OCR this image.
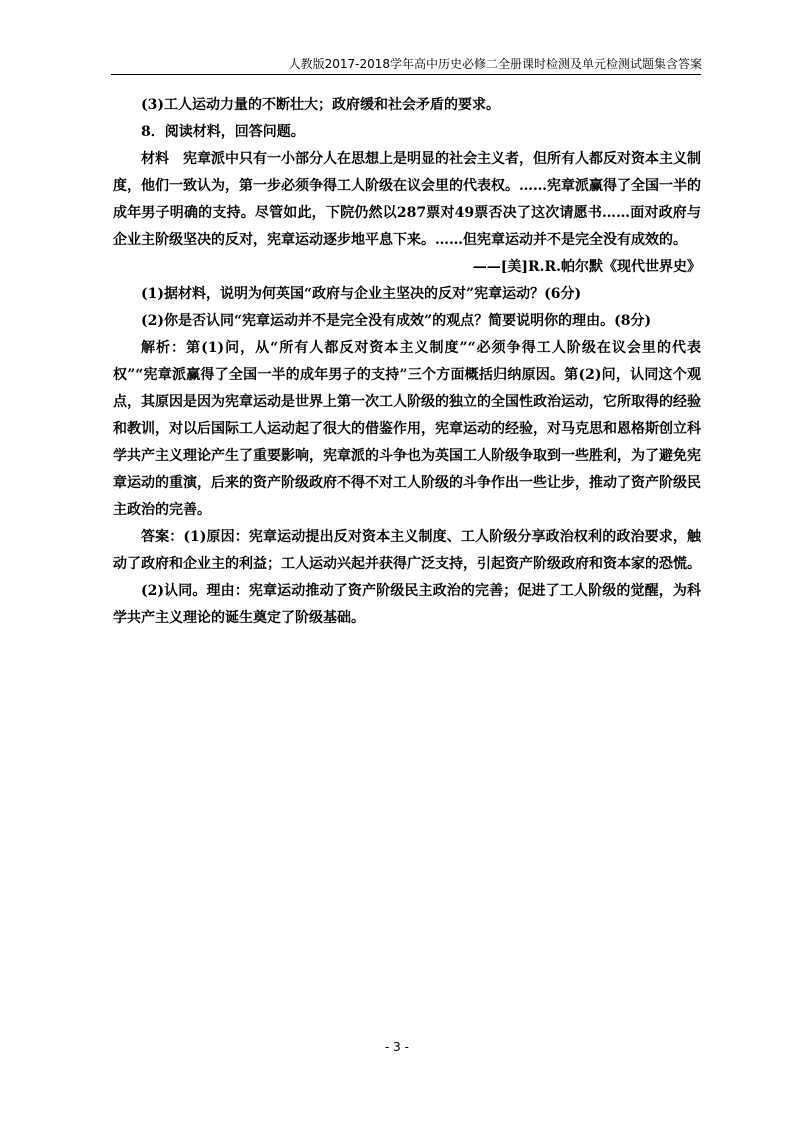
人教版2017-2018学年高中历史必修二全册课时检测及单元检测试题集含答案

(3)工人运动力量的不断壮大；政府缓和社会矛盾的要求。

8．阅读材料，回答问题。

材料　宪章派中只有一小部分人在思想上是明显的社会主义者，但所有人都反对资本主义制度，他们一致认为，第一步必须争得工人阶级在议会里的代表权。……宪章派赢得了全国一半的成年男子明确的支持。尽管如此，下院仍然以287票对49票否决了这次请愿书……面对政府与企业主阶级坚决的反对，宪章运动逐步地平息下来。……但宪章运动并不是完全没有成效的。

——[美]R.R.帕尔默《现代世界史》

(1)据材料，说明为何英国“政府与企业主坚决的反对”宪章运动？(6分)

(2)你是否认同“宪章运动并不是完全没有成效”的观点？简要说明你的理由。(8分)

解析：第(1)问，从“所有人都反对资本主义制度”“必须争得工人阶级在议会里的代表权”“宪章派赢得了全国一半的成年男子的支持”三个方面概括归纳原因。第(2)问，认同这个观点，其原因是因为宪章运动是世界上第一次工人阶级的独立的全国性政治运动，它所取得的经验和教训，对以后国际工人运动起了很大的借鉴作用，宪章运动的经验，对马克思和恩格斯创立科学共产主义理论产生了重要影响，宪章派的斗争也为英国工人阶级争取到一些胜利，为了避免宪章运动的重演，后来的资产阶级政府不得不对工人阶级的斗争作出一些让步，推动了资产阶级民主政治的完善。

答案：(1)原因：宪章运动提出反对资本主义制度、工人阶级分享政治权利的政治要求，触动了政府和企业主的利益；工人运动兴起并获得广泛支持，引起资产阶级政府和资本家的恐慌。

(2)认同。理由：宪章运动推动了资产阶级民主政治的完善；促进了工人阶级的觉醒，为科学共产主义理论的诞生奠定了阶级基础。

- 3 -
